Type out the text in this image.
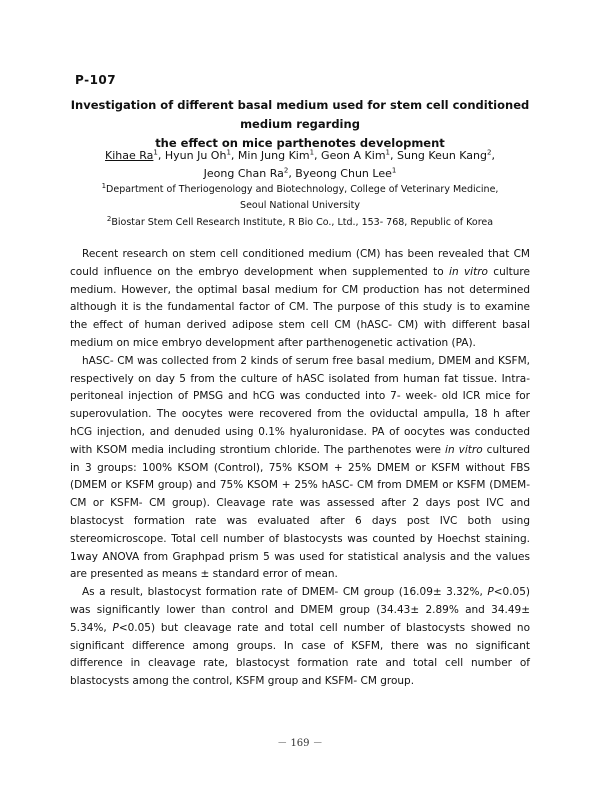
P-107
Investigation of different basal medium used for stem cell conditioned medium regarding
the effect on mice parthenotes development
Kihae Ra$^1$, Hyun Ju Oh$^1$, Min Jung Kim$^1$, Geon A Kim$^1$, Sung Keun Kang$^2$,
Jeong Chan Ra$^2$, Byeong Chun Lee$^1$
$^1$Department of Theriogenology and Biotechnology, College of Veterinary Medicine,
Seoul National University
$^2$Biostar Stem Cell Research Institute, R Bio Co., Ltd., 153- 768, Republic of Korea

Recent research on stem cell conditioned medium (CM) has been revealed that CM could influence on the embryo development when supplemented to in vitro culture medium. However, the optimal basal medium for CM production has not determined although it is the fundamental factor of CM. The purpose of this study is to examine the effect of human derived adipose stem cell CM (hASC- CM) with different basal medium on mice embryo development after parthenogenetic activation (PA).

hASC- CM was collected from 2 kinds of serum free basal medium, DMEM and KSFM, respectively on day 5 from the culture of hASC isolated from human fat tissue. Intra- peritoneal injection of PMSG and hCG was conducted into 7- week- old ICR mice for superovulation. The oocytes were recovered from the oviductal ampulla, 18 h after hCG injection, and denuded using 0.1% hyaluronidase. PA of oocytes was conducted with KSOM media including strontium chloride. The parthenotes were in vitro cultured in 3 groups: 100% KSOM (Control), 75% KSOM + 25% DMEM or KSFM without FBS (DMEM or KSFM group) and 75% KSOM + 25% hASC- CM from DMEM or KSFM (DMEM- CM or KSFM- CM group). Cleavage rate was assessed after 2 days post IVC and blastocyst formation rate was evaluated after 6 days post IVC both using stereomicroscope. Total cell number of blastocysts was counted by Hoechst staining. 1way ANOVA from Graphpad prism 5 was used for statistical analysis and the values are presented as means ± standard error of mean.

As a result, blastocyst formation rate of DMEM- CM group (16.09± 3.32%, P<0.05) was significantly lower than control and DMEM group (34.43± 2.89% and 34.49± 5.34%, P<0.05) but cleavage rate and total cell number of blastocysts showed no significant difference among groups. In case of KSFM, there was no significant difference in cleavage rate, blastocyst formation rate and total cell number of blastocysts among the control, KSFM group and KSFM- CM group.

－ 169 －
